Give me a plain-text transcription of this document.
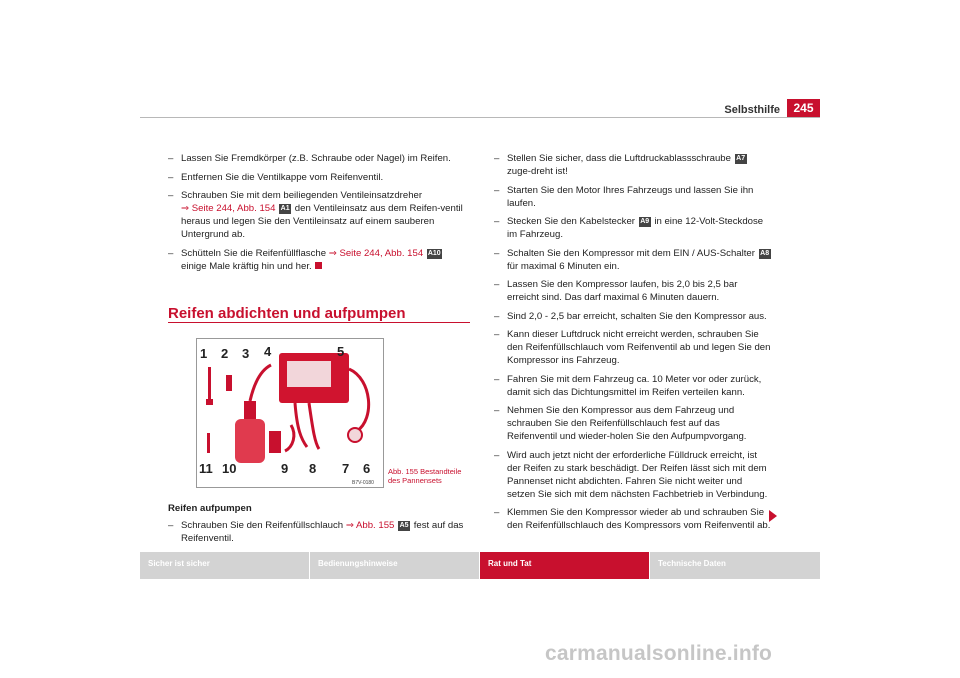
Selbsthilfe	245
– Lassen Sie Fremdkörper (z.B. Schraube oder Nagel) im Reifen.
– Entfernen Sie die Ventilkappe vom Reifenventil.
– Schrauben Sie mit dem beiliegenden Ventileinsatzdreher
⇒ Seite 244, Abb. 154 A1 den Ventileinsatz aus dem Reifen-ventil heraus und legen Sie den Ventileinsatz auf einem sauberen Untergrund ab.
– Schütteln Sie die Reifenfüllflasche ⇒ Seite 244, Abb. 154 A10 einige Male kräftig hin und her.
Reifen abdichten und aufpumpen
1 2 3 4	5
11 10	9 8 7 6
B7V-0180
Abb. 155 Bestandteile
des Pannensets
Reifen aufpumpen
– Schrauben Sie den Reifenfüllschlauch ⇒ Abb. 155 A5 fest auf das Reifenventil.
– Stellen Sie sicher, dass die Luftdruckablassschraube A7 zuge-dreht ist!
– Starten Sie den Motor Ihres Fahrzeugs und lassen Sie ihn laufen.
– Stecken Sie den Kabelstecker A9 in eine 12-Volt-Steckdose im Fahrzeug.
– Schalten Sie den Kompressor mit dem EIN / AUS-Schalter A8 für maximal 6 Minuten ein.
– Lassen Sie den Kompressor laufen, bis 2,0 bis 2,5 bar erreicht sind. Das darf maximal 6 Minuten dauern.
– Sind 2,0 - 2,5 bar erreicht, schalten Sie den Kompressor aus.
– Kann dieser Luftdruck nicht erreicht werden, schrauben Sie den Reifenfüllschlauch vom Reifenventil ab und legen Sie den Kompressor ins Fahrzeug.
– Fahren Sie mit dem Fahrzeug ca. 10 Meter vor oder zurück, damit sich das Dichtungsmittel im Reifen verteilen kann.
– Nehmen Sie den Kompressor aus dem Fahrzeug und schrauben Sie den Reifenfüllschlauch fest auf das Reifenventil und wieder-holen Sie den Aufpumpvorgang.
– Wird auch jetzt nicht der erforderliche Fülldruck erreicht, ist der Reifen zu stark beschädigt. Der Reifen lässt sich mit dem Pannenset nicht abdichten. Fahren Sie nicht weiter und setzen Sie sich mit dem nächsten Fachbetrieb in Verbindung.
– Klemmen Sie den Kompressor wieder ab und schrauben Sie den Reifenfüllschlauch des Kompressors vom Reifenventil ab.
Sicher ist sicher	Bedienungshinweise	Rat und Tat	Technische Daten
carmanualsonline.info
